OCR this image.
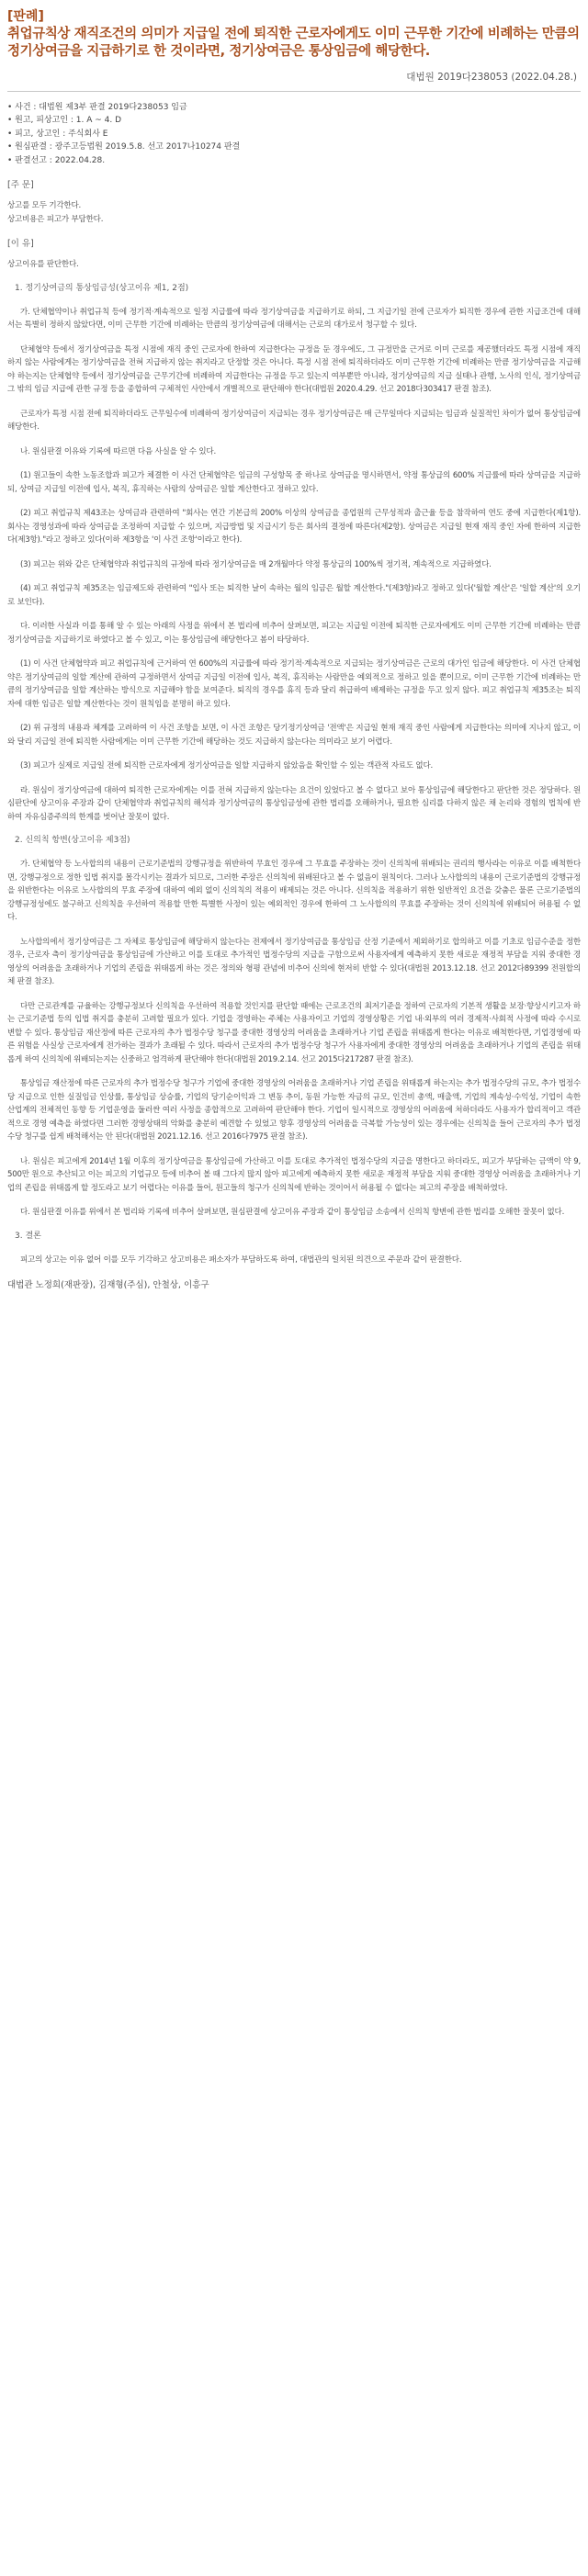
[판례]
취업규칙상 재직조건의 의미가 지급일 전에 퇴직한 근로자에게도 이미 근무한 기간에 비례하는 만큼의 정기상여금을 지급하기로 한 것이라면, 정기상여금은 통상임금에 해당한다.
대법원 2019다238053 (2022.04.28.)
• 사건 : 대법원 제3부 판결 2019다238053 임금
• 원고, 피상고인 : 1. A ~ 4. D
• 피고, 상고인 : 주식회사 E
• 원심판결 : 광주고등법원 2019.5.8. 선고 2017나10274 판결
• 판결선고 : 2022.04.28.
[주 문]
상고를 모두 기각한다.
상고비용은 피고가 부담한다.
[이 유]
상고이유를 판단한다.
1. 정기상여금의 통상임금성(상고이유 제1, 2점)
가. 단체협약이나 취업규칙 등에 정기적·계속적으로 일정 지급률에 따라 정기상여금을 지급하기로 하되, 그 지급기일 전에 근로자가 퇴직한 경우에 관한 지급조건에 대해서는 특별히 정하지 않았다면, 이미 근무한 기간에 비례하는 만큼의 정기상여금에 대해서는 근로의 대가로서 청구할 수 있다.
단체협약 등에서 정기상여금을 특정 시점에 재직 중인 근로자에 한하여 지급한다는 규정을 둔 경우에도, 그 규정만을 근거로 이미 근로를 제공했더라도 특정 시점에 재직하지 않는 사람에게는 정기상여금을 전혀 지급하지 않는 취지라고 단정할 것은 아니다. 특정 시점 전에 퇴직하더라도 이미 근무한 기간에 비례하는 만큼 정기상여금을 지급해야 하는지는 단체협약 등에서 정기상여금을 근무기간에 비례하여 지급한다는 규정을 두고 있는지 여부뿐만 아니라, 정기상여금의 지급 실태나 관행, 노사의 인식, 정기상여금 그 밖의 임금 지급에 관한 규정 등을 종합하여 구체적인 사안에서 개별적으로 판단해야 한다(대법원 2020.4.29. 선고 2018다303417 판결 참조).
근로자가 특정 시점 전에 퇴직하더라도 근무일수에 비례하여 정기상여금이 지급되는 경우 정기상여금은 매 근무일마다 지급되는 임금과 실질적인 차이가 없어 통상임금에 해당한다.
나. 원심판결 이유와 기록에 따르면 다음 사실을 알 수 있다.
(1) 원고들이 속한 노동조합과 피고가 체결한 이 사건 단체협약은 임금의 구성항목 중 하나로 상여금을 명시하면서, 약정 통상급의 600% 지급률에 따라 상여금을 지급하되, 상여금 지급일 이전에 입사, 복직, 휴직하는 사람의 상여금은 일할 계산한다고 정하고 있다.
(2) 피고 취업규칙 제43조는 상여금과 관련하여 "회사는 연간 기본급의 200% 이상의 상여금을 종업원의 근무성적과 출근율 등을 참작하여 연도 중에 지급한다(제1항). 회사는 경영성과에 따라 상여금을 조정하여 지급할 수 있으며, 지급방법 및 지급시기 등은 회사의 결정에 따른다(제2항). 상여금은 지급일 현재 재직 중인 자에 한하여 지급한다(제3항)."라고 정하고 있다(이하 제3항을 '이 사건 조항'이라고 한다).
(3) 피고는 위와 같은 단체협약과 취업규칙의 규정에 따라 정기상여금을 매 2개월마다 약정 통상급의 100%씩 정기적, 계속적으로 지급하였다.
(4) 피고 취업규칙 제35조는 임금제도와 관련하여 "입사 또는 퇴직한 날이 속하는 월의 임금은 월할 계산한다."(제3항)라고 정하고 있다('월할 계산'은 '일할 계산'의 오기로 보인다).
다. 이러한 사실과 이를 통해 알 수 있는 아래의 사정을 위에서 본 법리에 비추어 살펴보면, 피고는 지급일 이전에 퇴직한 근로자에게도 이미 근무한 기간에 비례하는 만큼 정기상여금을 지급하기로 하였다고 볼 수 있고, 이는 통상임금에 해당한다고 봄이 타당하다.
(1) 이 사건 단체협약과 피고 취업규칙에 근거하여 연 600%의 지급률에 따라 정기적·계속적으로 지급되는 정기상여금은 근로의 대가인 임금에 해당한다. 이 사건 단체협약은 정기상여금의 일할 계산에 관하여 규정하면서 상여금 지급일 이전에 입사, 복직, 휴직하는 사람만을 예외적으로 정하고 있을 뿐이므로, 이미 근무한 기간에 비례하는 만큼의 정기상여금을 일할 계산하는 방식으로 지급해야 함을 보여준다. 퇴직의 경우를 휴직 등과 달리 취급하여 배제하는 규정을 두고 있지 않다. 피고 취업규칙 제35조는 퇴직자에 대한 임금은 일할 계산한다는 것이 원칙임을 분명히 하고 있다.
(2) 위 규정의 내용과 체계를 고려하여 이 사건 조항을 보면, 이 사건 조항은 당기정기상여금 '전액'은 지급일 현재 재직 중인 사람에게 지급한다는 의미에 지나지 않고, 이와 달리 지급일 전에 퇴직한 사람에게는 이미 근무한 기간에 해당하는 것도 지급하지 않는다는 의미라고 보기 어렵다.
(3) 피고가 실제로 지급일 전에 퇴직한 근로자에게 정기상여금을 일할 지급하지 않았음을 확인할 수 있는 객관적 자료도 없다.
라. 원심이 정기상여금에 대하여 퇴직한 근로자에게는 이를 전혀 지급하지 않는다는 요건이 있었다고 볼 수 없다고 보아 통상임금에 해당한다고 판단한 것은 정당하다. 원심판단에 상고이유 주장과 같이 단체협약과 취업규칙의 해석과 정기상여금의 통상임금성에 관한 법리를 오해하거나, 필요한 심리를 다하지 않은 채 논리와 경험의 법칙에 반하여 자유심증주의의 한계를 벗어난 잘못이 없다.
2. 신의칙 항변(상고이유 제3점)
가. 단체협약 등 노사합의의 내용이 근로기준법의 강행규정을 위반하여 무효인 경우에 그 무효를 주장하는 것이 신의칙에 위배되는 권리의 행사라는 이유로 이를 배척한다면, 강행규정으로 정한 입법 취지를 몰각시키는 결과가 되므로, 그러한 주장은 신의칙에 위배된다고 볼 수 없음이 원칙이다. 그러나 노사합의의 내용이 근로기준법의 강행규정을 위반한다는 이유로 노사합의의 무효 주장에 대하여 예외 없이 신의칙의 적용이 배제되는 것은 아니다. 신의칙을 적용하기 위한 일반적인 요건을 갖춤은 물론 근로기준법의 강행규정성에도 불구하고 신의칙을 우선하여 적용할 만한 특별한 사정이 있는 예외적인 경우에 한하여 그 노사합의의 무효를 주장하는 것이 신의칙에 위배되어 허용될 수 없다.
노사합의에서 정기상여금은 그 자체로 통상임금에 해당하지 않는다는 전제에서 정기상여금을 통상임금 산정 기준에서 제외하기로 합의하고 이를 기초로 임금수준을 정한 경우, 근로자 측이 정기상여금을 통상임금에 가산하고 이를 토대로 추가적인 법정수당의 지급을 구함으로써 사용자에게 예측하지 못한 새로운 재정적 부담을 지워 중대한 경영상의 어려움을 초래하거나 기업의 존립을 위태롭게 하는 것은 정의와 형평 관념에 비추어 신의에 현저히 반할 수 있다(대법원 2013.12.18. 선고 2012다89399 전원합의체 판결 참조).
다만 근로관계를 규율하는 강행규정보다 신의칙을 우선하여 적용할 것인지를 판단할 때에는 근로조건의 최저기준을 정하여 근로자의 기본적 생활을 보장·향상시키고자 하는 근로기준법 등의 입법 취지를 충분히 고려할 필요가 있다. 기업을 경영하는 주체는 사용자이고 기업의 경영상황은 기업 내·외부의 여러 경제적·사회적 사정에 따라 수시로 변할 수 있다. 통상임금 재산정에 따른 근로자의 추가 법정수당 청구를 중대한 경영상의 어려움을 초래하거나 기업 존립을 위태롭게 한다는 이유로 배척한다면, 기업경영에 따른 위험을 사실상 근로자에게 전가하는 결과가 초래될 수 있다. 따라서 근로자의 추가 법정수당 청구가 사용자에게 중대한 경영상의 어려움을 초래하거나 기업의 존립을 위태롭게 하여 신의칙에 위배되는지는 신중하고 엄격하게 판단해야 한다(대법원 2019.2.14. 선고 2015다217287 판결 참조).
통상임금 재산정에 따른 근로자의 추가 법정수당 청구가 기업에 중대한 경영상의 어려움을 초래하거나 기업 존립을 위태롭게 하는지는 추가 법정수당의 규모, 추가 법정수당 지급으로 인한 실질임금 인상률, 통상임금 상승률, 기업의 당기순이익과 그 변동 추이, 동원 가능한 자금의 규모, 인건비 총액, 매출액, 기업의 계속성·수익성, 기업이 속한 산업계의 전체적인 동향 등 기업운영을 둘러싼 여러 사정을 종합적으로 고려하여 판단해야 한다. 기업이 일시적으로 경영상의 어려움에 처하더라도 사용자가 합리적이고 객관적으로 경영 예측을 하였다면 그러한 경영상태의 악화를 충분히 예견할 수 있었고 향후 경영상의 어려움을 극복할 가능성이 있는 경우에는 신의칙을 들어 근로자의 추가 법정수당 청구를 쉽게 배척해서는 안 된다(대법원 2021.12.16. 선고 2016다7975 판결 참조).
나. 원심은 피고에게 2014년 1월 이후의 정기상여금을 통상임금에 가산하고 이를 토대로 추가적인 법정수당의 지급을 명한다고 하더라도, 피고가 부담하는 금액이 약 9,500만 원으로 추산되고 이는 피고의 기업규모 등에 비추어 볼 때 그다지 많지 않아 피고에게 예측하지 못한 새로운 재정적 부담을 지워 중대한 경영상 어려움을 초래하거나 기업의 존립을 위태롭게 할 정도라고 보기 어렵다는 이유를 들어, 원고들의 청구가 신의칙에 반하는 것이어서 허용될 수 없다는 피고의 주장을 배척하였다.
다. 원심판결 이유를 위에서 본 법리와 기록에 비추어 살펴보면, 원심판결에 상고이유 주장과 같이 통상임금 소송에서 신의칙 항변에 관한 법리를 오해한 잘못이 없다.
3. 결론
피고의 상고는 이유 없어 이를 모두 기각하고 상고비용은 패소자가 부담하도록 하여, 대법관의 일치된 의견으로 주문과 같이 판결한다.
대법관 노정희(재판장), 김재형(주심), 안철상, 이흥구
